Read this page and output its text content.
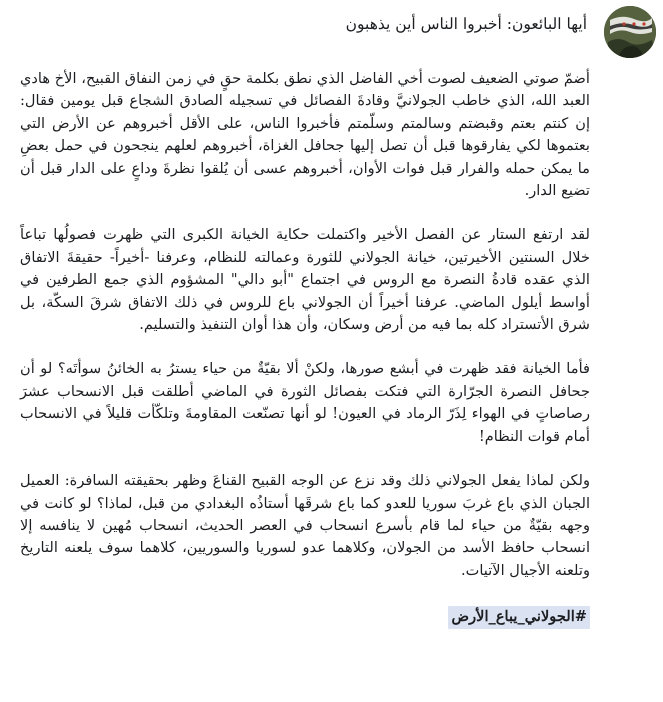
أيها البائعون: أخبروا الناس أين يذهبون

أضمّ صوتي الضعيف لصوت أخي الفاضل الذي نطق بكلمة حقٍ في زمن النفاق القبيح، الأخ هادي العبد الله، الذي خاطب الجولانيَّ وقادةَ الفصائل في تسجيله الصادق الشجاع قبل يومين فقال: إن كنتم بعتم وقبضتم وسالمتم وسلّمتم فأخبروا الناس، على الأقل أخبروهم عن الأرض التي بعتموها لكي يفارقوها قبل أن تصل إليها جحافل الغزاة، أخبروهم لعلهم ينجحون في حمل بعضِ ما يمكن حمله والفرار قبل فوات الأوان، أخبروهم عسى أن يُلقوا نظرةَ وداعٍ على الدار قبل أن تضيع الدار.

لقد ارتفع الستار عن الفصل الأخير واكتملت حكاية الخيانة الكبرى التي ظهرت فصولُها تباعاً خلال السنتين الأخيرتين، خيانة الجولاني للثورة وعمالته للنظام، وعرفنا -أخيراً- حقيقةَ الاتفاق الذي عقده قادةُ النصرة مع الروس في اجتماع "أبو دالي" المشؤوم الذي جمع الطرفين في أواسط أيلول الماضي. عرفنا أخيراً أن الجولاني باع للروس في ذلك الاتفاق شرقَ السكّة، بل شرق الأتستراد كله بما فيه من أرض وسكان، وأن هذا أوان التنفيذ والتسليم.

فأما الخيانة فقد ظهرت في أبشع صورها، ولكنْ ألا بقيّةٌ من حياء يسترُ به الخائنُ سوأتَه؟ لو أن جحافل النصرة الجرّارة التي فتكت بفصائل الثورة في الماضي أطلقت قبل الانسحاب عشرَ رصاصاتٍ في الهواء لِذَرّ الرماد في العيون! لو أنها تصنّعت المقاومةَ وتلكّأت قليلاً في الانسحاب أمام قوات النظام!

ولكن لماذا يفعل الجولاني ذلك وقد نزع عن الوجه القبيح القناعَ وظهر بحقيقته السافرة: العميل الجبان الذي باع غربَ سوريا للعدو كما باع شرقَها أستاذُه البغدادي من قبل، لماذا؟ لو كانت في وجهه بقيّةٌ من حياء لما قام بأسرع انسحاب في العصر الحديث، انسحاب مُهين لا ينافسه إلا انسحاب حافظ الأسد من الجولان، وكلاهما عدو لسوريا والسوريين، كلاهما سوف يلعنه التاريخ وتلعنه الأجيال الآتيات.

#الجولاني_يباع_الأرض
